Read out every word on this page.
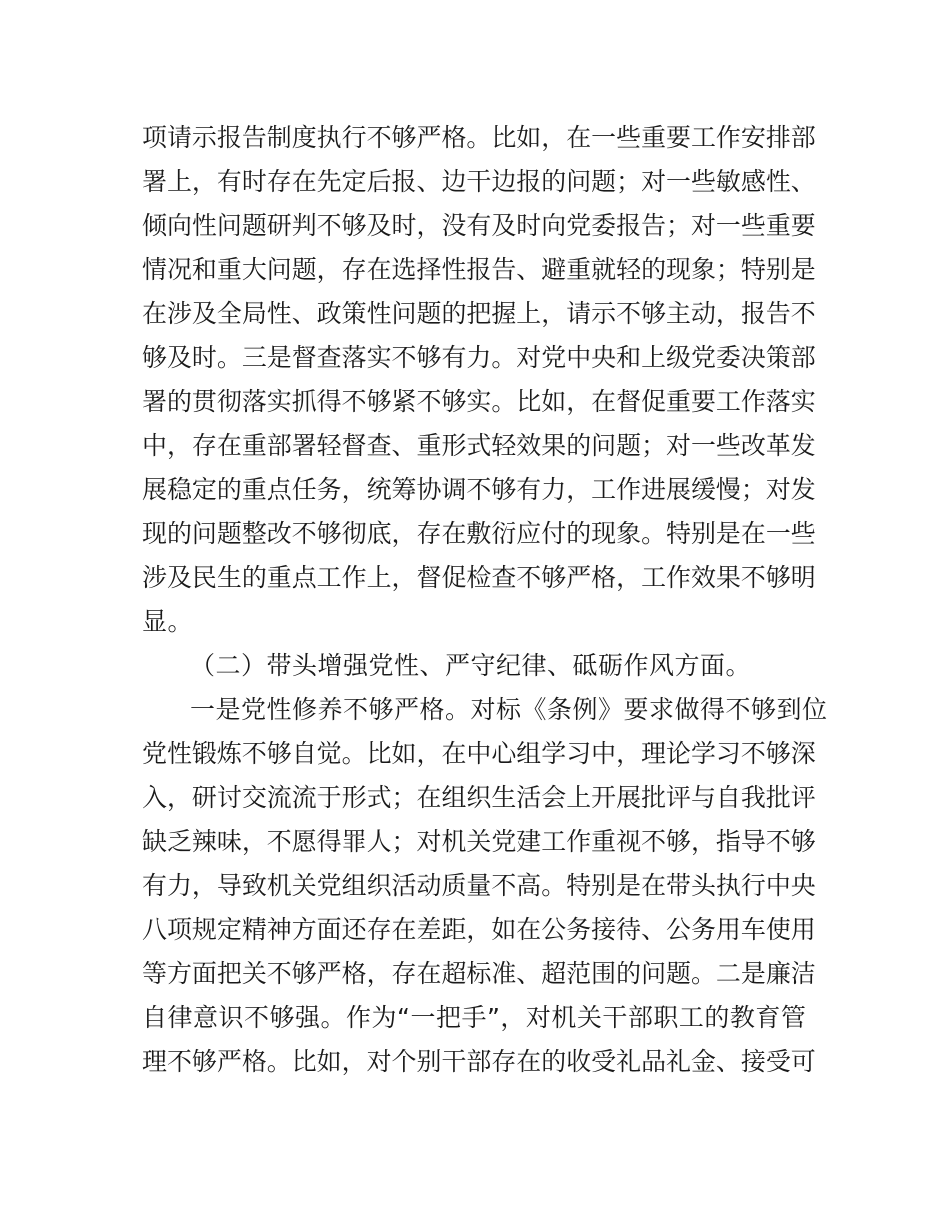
项请示报告制度执行不够严格。比如，在一些重要工作安排部
署上，有时存在先定后报、边干边报的问题；对一些敏感性、
倾向性问题研判不够及时，没有及时向党委报告；对一些重要
情况和重大问题，存在选择性报告、避重就轻的现象；特别是
在涉及全局性、政策性问题的把握上，请示不够主动，报告不
够及时。三是督查落实不够有力。对党中央和上级党委决策部
署的贯彻落实抓得不够紧不够实。比如，在督促重要工作落实
中，存在重部署轻督查、重形式轻效果的问题；对一些改革发
展稳定的重点任务，统筹协调不够有力，工作进展缓慢；对发
现的问题整改不够彻底，存在敷衍应付的现象。特别是在一些
涉及民生的重点工作上，督促检查不够严格，工作效果不够明
显。
（二）带头增强党性、严守纪律、砥砺作风方面。
一是党性修养不够严格。对标《条例》要求做得不够到位
党性锻炼不够自觉。比如，在中心组学习中，理论学习不够深
入，研讨交流流于形式；在组织生活会上开展批评与自我批评
缺乏辣味，不愿得罪人；对机关党建工作重视不够，指导不够
有力，导致机关党组织活动质量不高。特别是在带头执行中央
八项规定精神方面还存在差距，如在公务接待、公务用车使用
等方面把关不够严格，存在超标准、超范围的问题。二是廉洁
自律意识不够强。作为“一把手”，对机关干部职工的教育管
理不够严格。比如，对个别干部存在的收受礼品礼金、接受可
